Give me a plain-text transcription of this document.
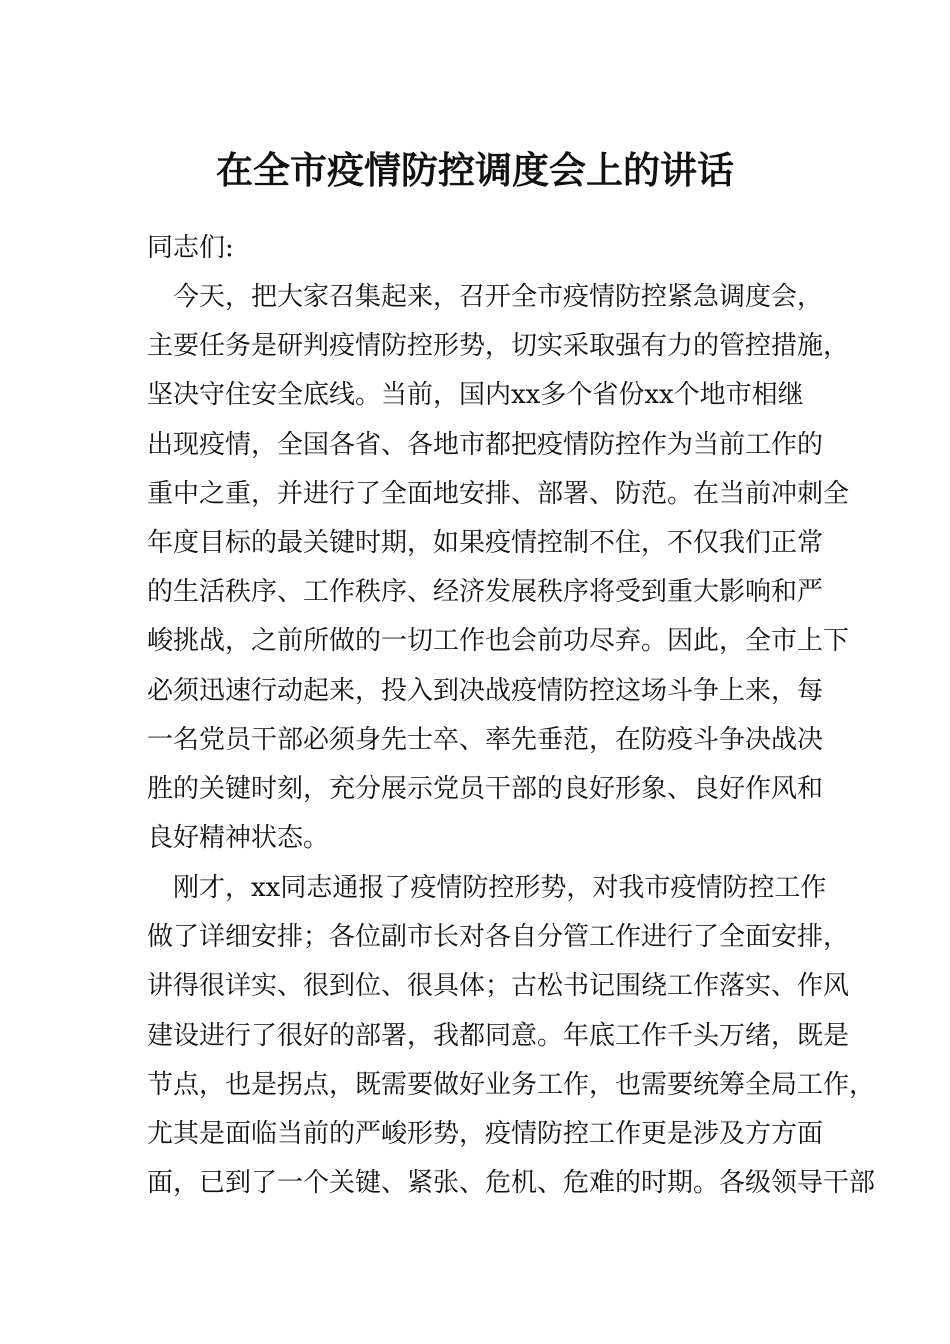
在全市疫情防控调度会上的讲话
同志们:
　今天，把大家召集起来，召开全市疫情防控紧急调度会，
主要任务是研判疫情防控形势，切实采取强有力的管控措施，
坚决守住安全底线。当前，国内xx多个省份xx个地市相继
出现疫情，全国各省、各地市都把疫情防控作为当前工作的
重中之重，并进行了全面地安排、部署、防范。在当前冲刺全
年度目标的最关键时期，如果疫情控制不住，不仅我们正常
的生活秩序、工作秩序、经济发展秩序将受到重大影响和严
峻挑战，之前所做的一切工作也会前功尽弃。因此，全市上下
必须迅速行动起来，投入到决战疫情防控这场斗争上来，每
一名党员干部必须身先士卒、率先垂范，在防疫斗争决战决
胜的关键时刻，充分展示党员干部的良好形象、良好作风和
良好精神状态。
　刚才，xx同志通报了疫情防控形势，对我市疫情防控工作
做了详细安排；各位副市长对各自分管工作进行了全面安排，
讲得很详实、很到位、很具体；古松书记围绕工作落实、作风
建设进行了很好的部署，我都同意。年底工作千头万绪，既是
节点，也是拐点，既需要做好业务工作，也需要统筹全局工作，
尤其是面临当前的严峻形势，疫情防控工作更是涉及方方面
面，已到了一个关键、紧张、危机、危难的时期。各级领导干部
